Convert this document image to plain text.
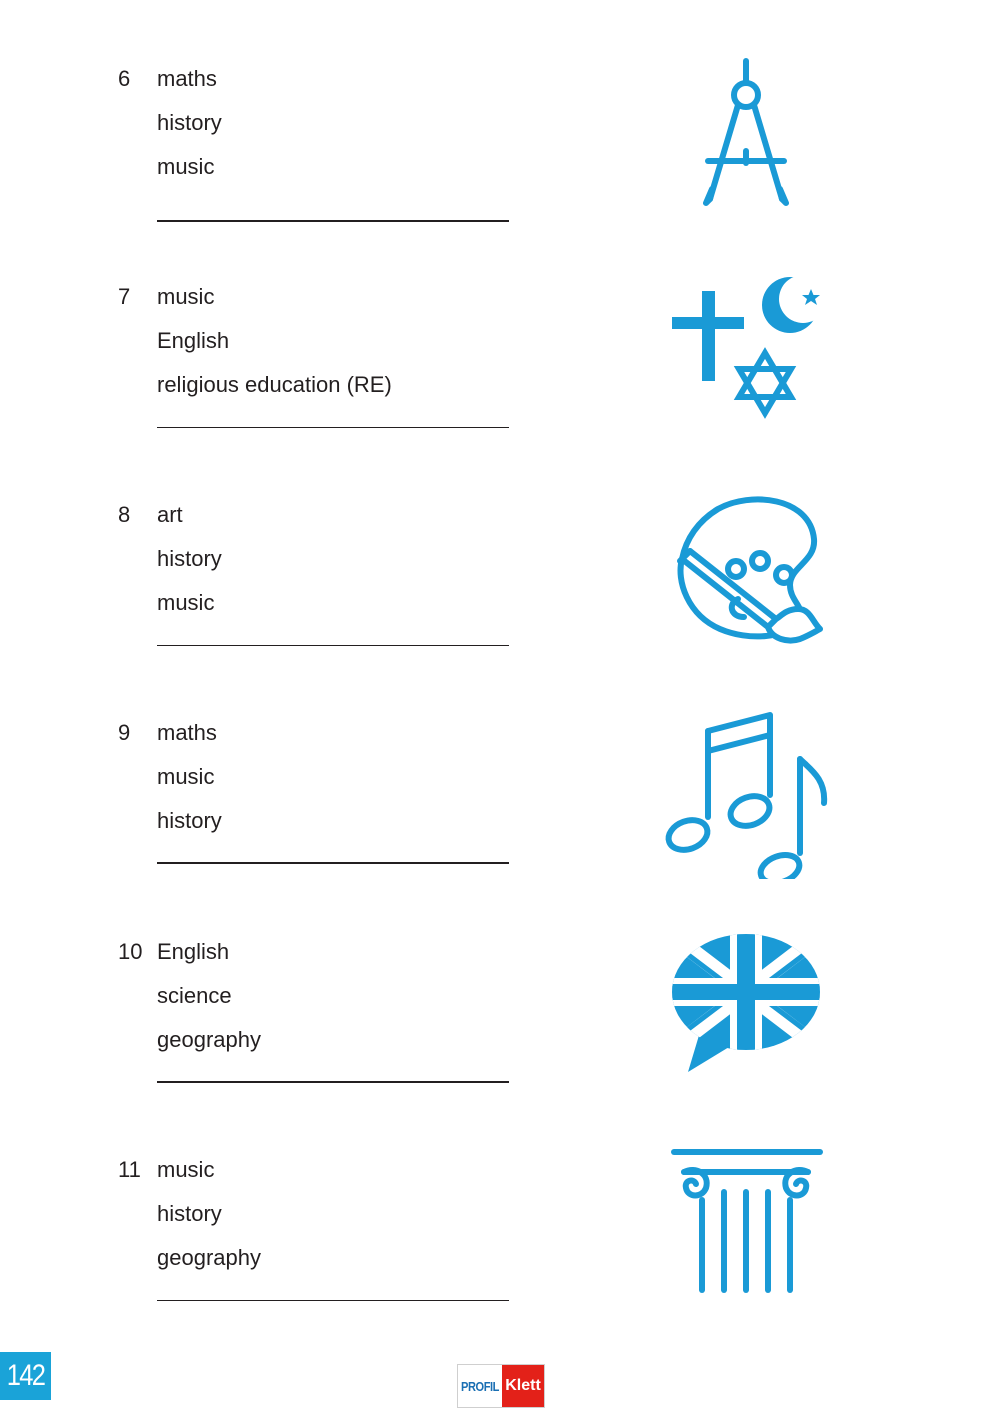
6 maths
history
music
7 music
English
religious education (RE)
8 art
history
music
9 maths
music
history
10 English
science
geography
11 music
history
geography
142	PROFIL Klett
